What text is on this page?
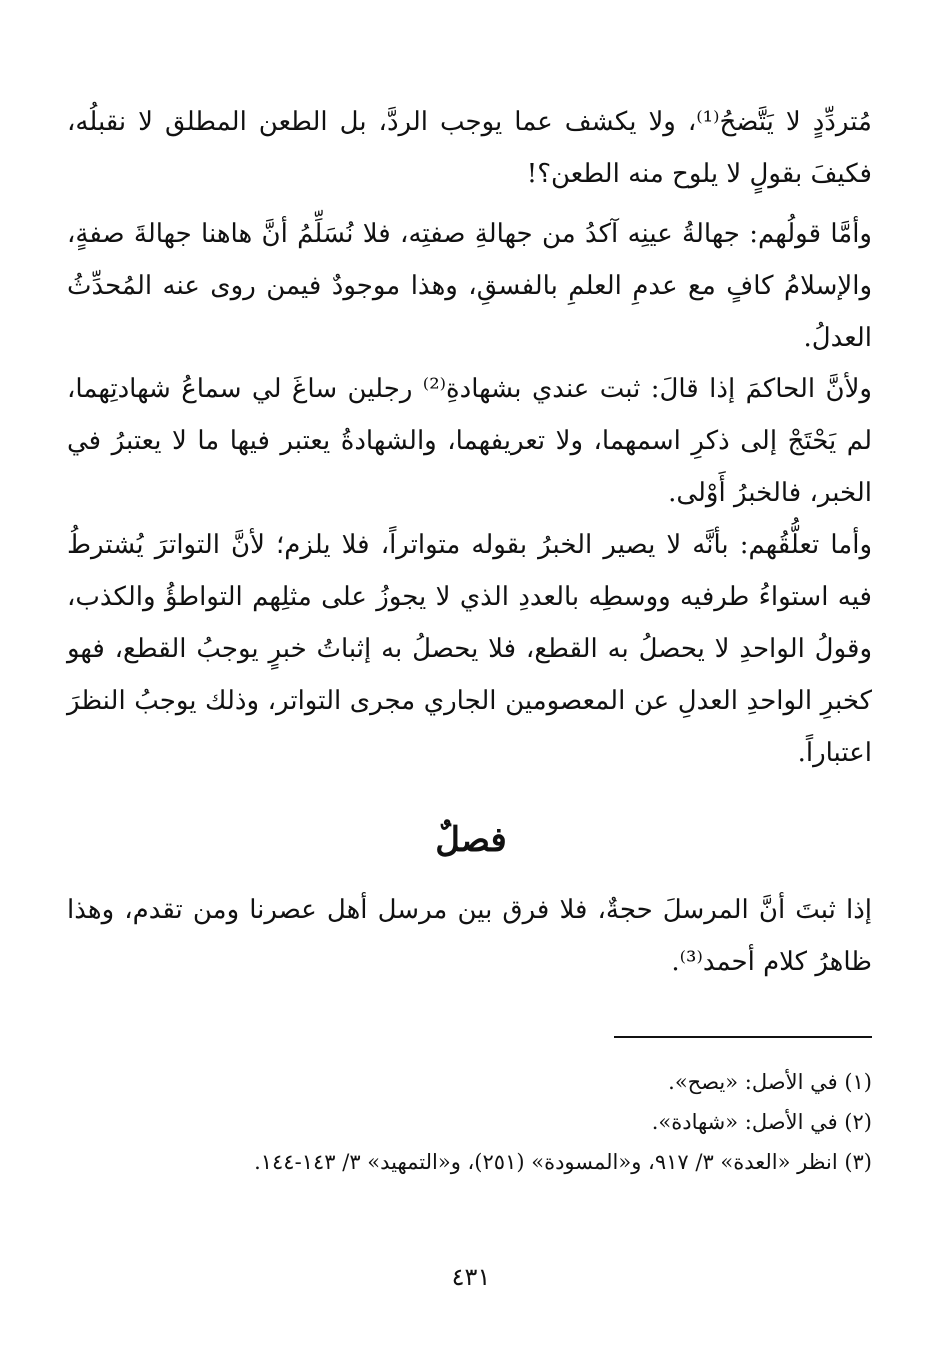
مُتردِّدٍ لا يَتَّضحُ⁽¹⁾، ولا يكشف عما يوجب الردَّ، بل الطعن المطلق لا نقبلُه، فكيفَ بقولٍ لا يلوح منه الطعن؟!

وأمَّا قولُهم: جهالةُ عينِه آكدُ من جهالةِ صفتِه، فلا نُسَلِّمُ أنَّ هاهنا جهالةَ صفةٍ، والإسلامُ كافٍ مع عدمِ العلمِ بالفسقِ، وهذا موجودٌ فيمن روى عنه المُحدِّثُ العدلُ.

ولأنَّ الحاكمَ إذا قالَ: ثبت عندي بشهادةِ⁽²⁾ رجلين ساغَ لي سماعُ شهادتِهما، لم يَحْتَجْ إلى ذكرِ اسمهما، ولا تعريفهما، والشهادةُ يعتبر فيها ما لا يعتبرُ في الخبر، فالخبرُ أَوْلى.

وأما تعلُّقُهم: بأنَّه لا يصير الخبرُ بقوله متواتراً، فلا يلزم؛ لأنَّ التواترَ يُشترطُ فيه استواءُ طرفيه ووسطِه بالعددِ الذي لا يجوزُ على مثلِهم التواطؤُ والكذب، وقولُ الواحدِ لا يحصلُ به القطع، فلا يحصلُ به إثباتُ خبرٍ يوجبُ القطع، فهو كخبرِ الواحدِ العدلِ عن المعصومين الجاري مجرى التواتر، وذلك يوجبُ النظرَ اعتباراً.

فصلٌ

إذا ثبتَ أنَّ المرسلَ حجةٌ، فلا فرق بين مرسل أهل عصرنا ومن تقدم، وهذا ظاهرُ كلام أحمد⁽³⁾.

(١) في الأصل: «يصح».
(٢) في الأصل: «شهادة».
(٣) انظر «العدة» ٣/ ٩١٧، و«المسودة» (٢٥١)، و«التمهيد» ٣/ ١٤٣-١٤٤.
٤٣١
